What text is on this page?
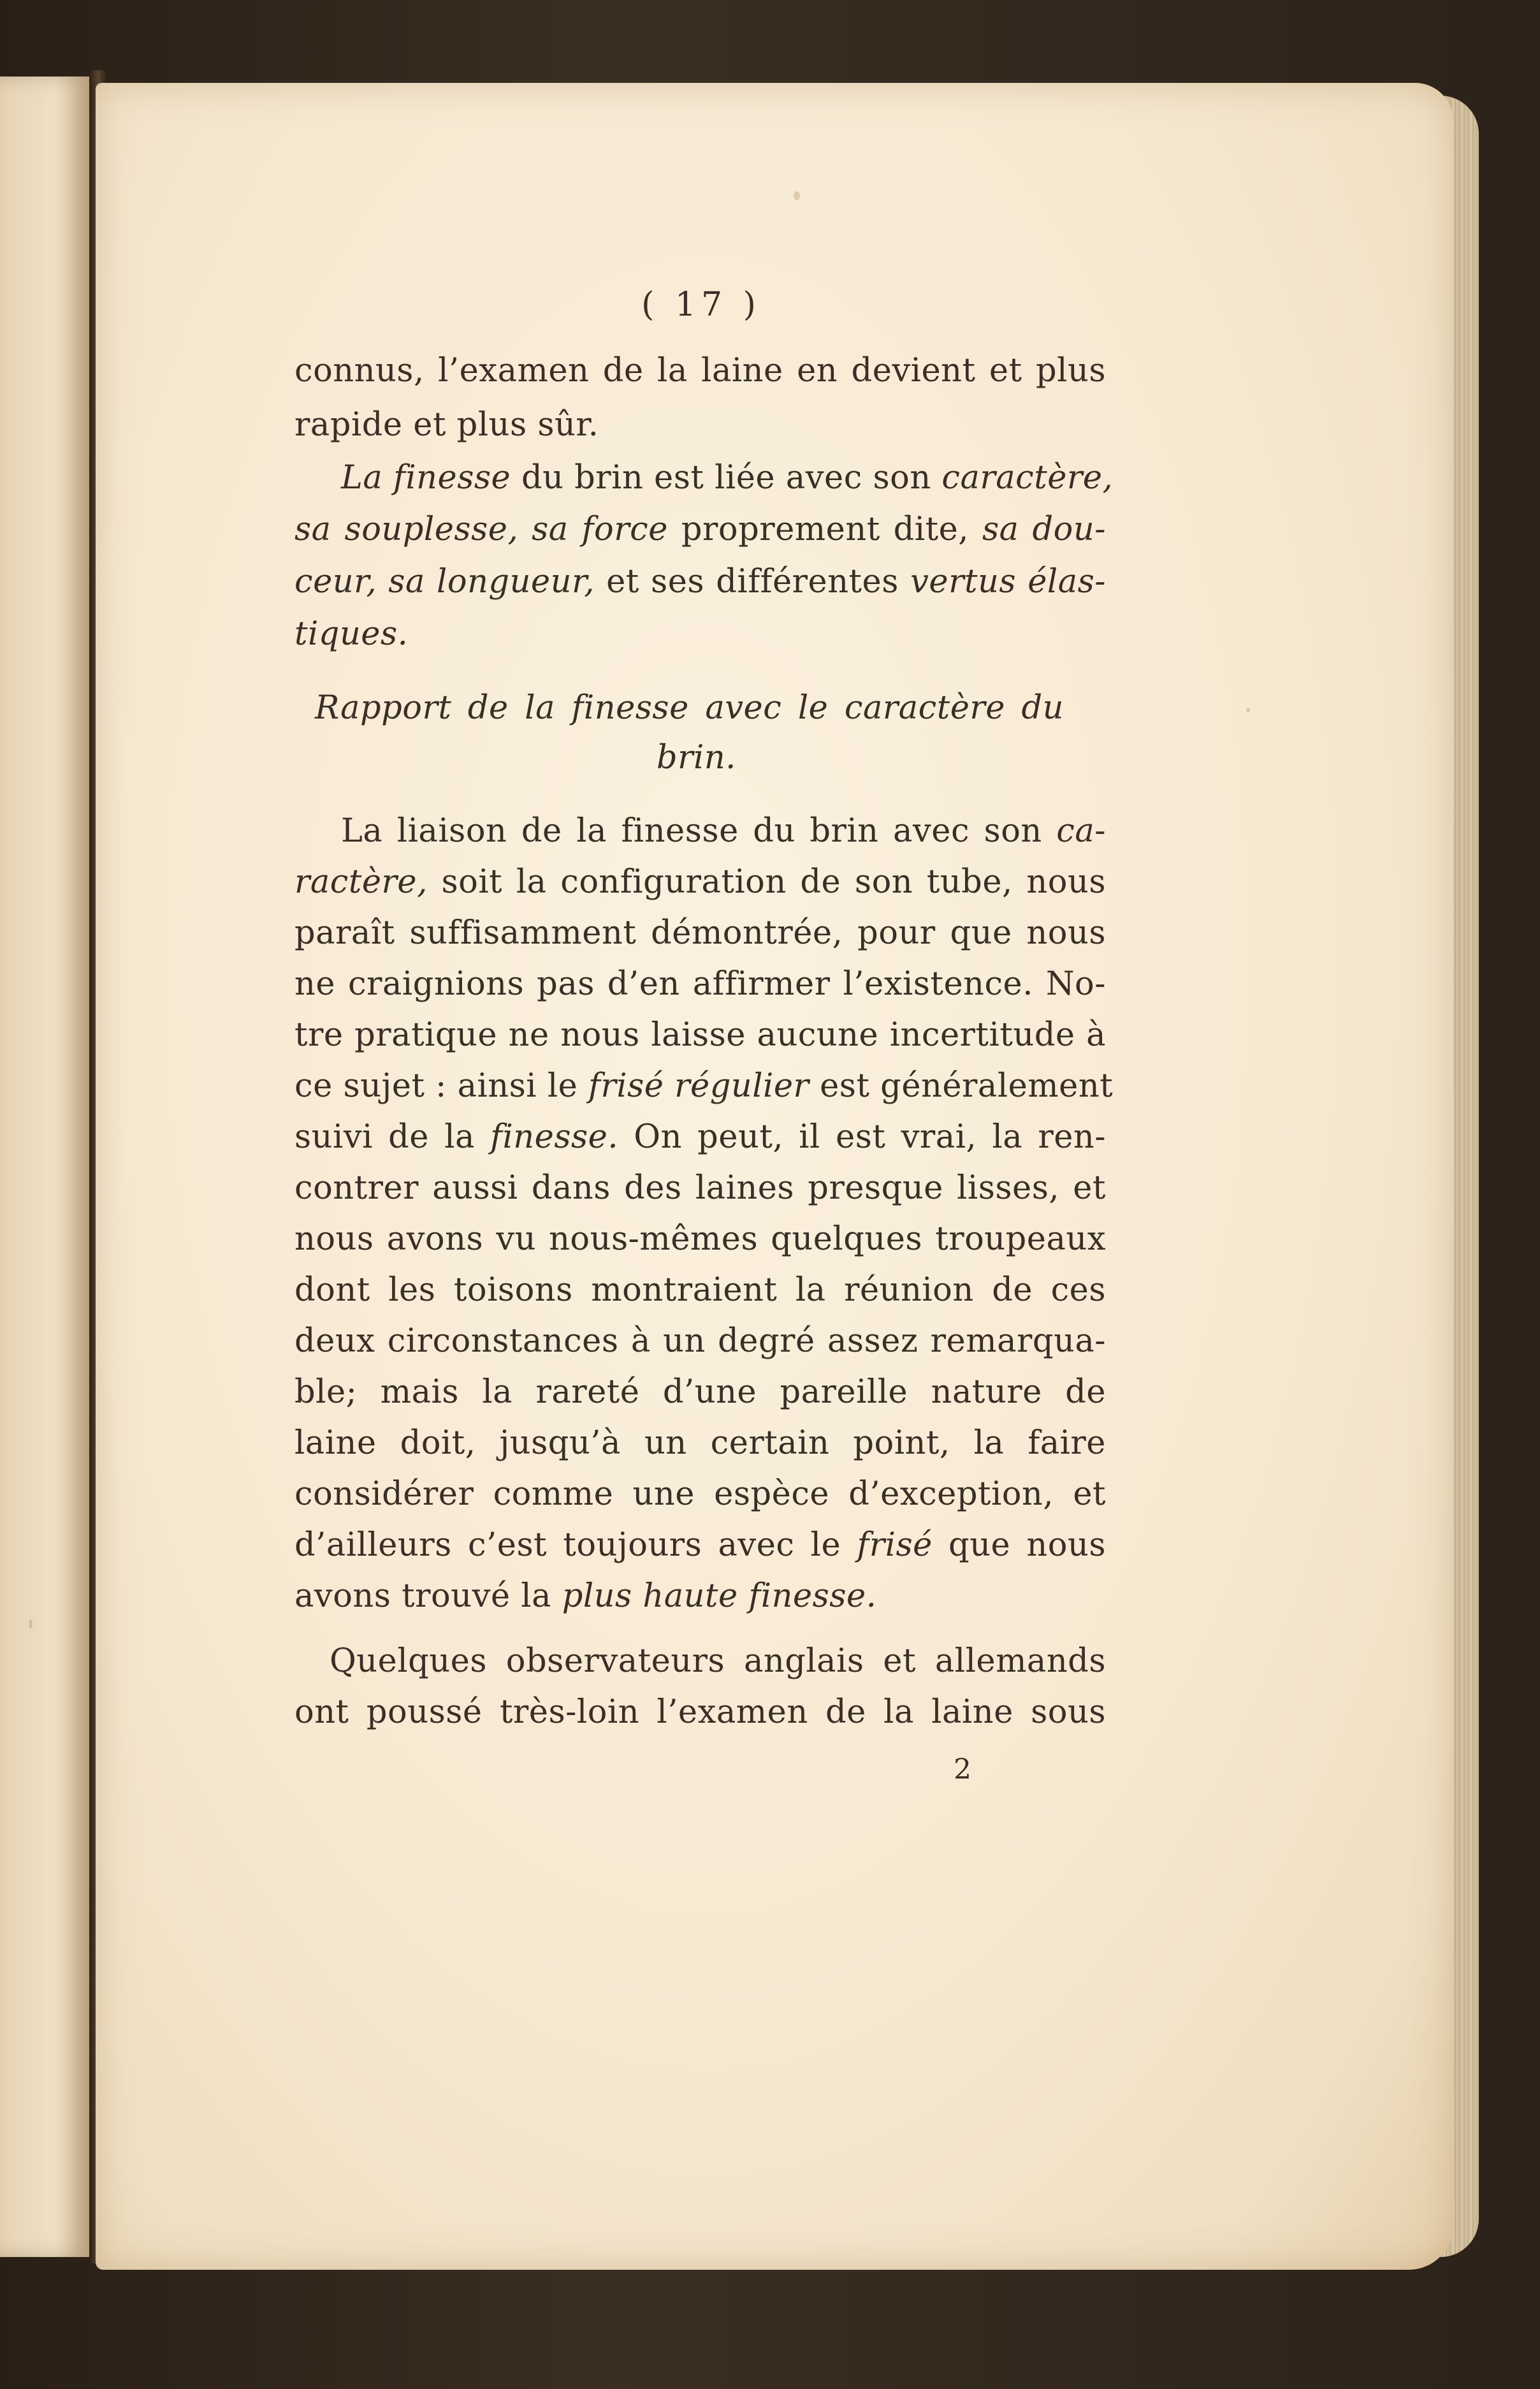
( 17 )
connus, l’examen de la laine en devient et plus
rapide et plus sûr.
La finesse du brin est liée avec son caractère,
sa souplesse, sa force proprement dite, sa dou-
ceur, sa longueur, et ses différentes vertus élas-
tiques.
Rapport de la finesse avec le caractère du
brin.
La liaison de la finesse du brin avec son ca-
ractère, soit la configuration de son tube, nous
paraît suffisamment démontrée, pour que nous
ne craignions pas d’en affirmer l’existence. No-
tre pratique ne nous laisse aucune incertitude à
ce sujet : ainsi le frisé régulier est généralement
suivi de la finesse. On peut, il est vrai, la ren-
contrer aussi dans des laines presque lisses, et
nous avons vu nous-mêmes quelques troupeaux
dont les toisons montraient la réunion de ces
deux circonstances à un degré assez remarqua-
ble; mais la rareté d’une pareille nature de
laine doit, jusqu’à un certain point, la faire
considérer comme une espèce d’exception, et
d’ailleurs c’est toujours avec le frisé que nous
avons trouvé la plus haute finesse.
Quelques observateurs anglais et allemands
ont poussé très-loin l’examen de la laine sous
2
